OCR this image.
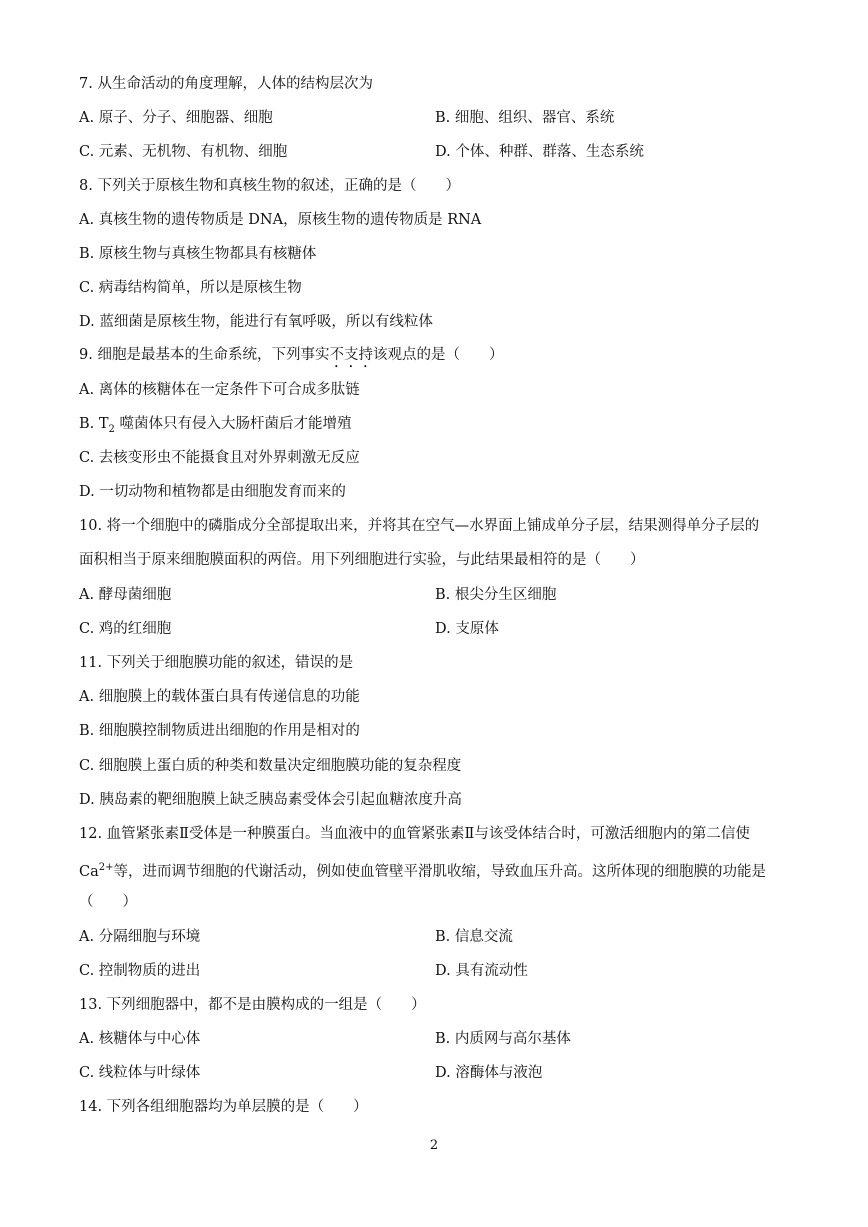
7. 从生命活动的角度理解，人体的结构层次为
A. 原子、分子、细胞器、细胞	B. 细胞、组织、器官、系统
C. 元素、无机物、有机物、细胞	D. 个体、种群、群落、生态系统
8. 下列关于原核生物和真核生物的叙述，正确的是（　　）
A. 真核生物的遗传物质是 DNA，原核生物的遗传物质是 RNA
B. 原核生物与真核生物都具有核糖体
C. 病毒结构简单，所以是原核生物
D. 蓝细菌是原核生物，能进行有氧呼吸，所以有线粒体
9. 细胞是最基本的生命系统，下列事实不支持该观点的是（　　）
A. 离体的核糖体在一定条件下可合成多肽链
B. $T_2$ 噬菌体只有侵入大肠杆菌后才能增殖
C. 去核变形虫不能摄食且对外界刺激无反应
D. 一切动物和植物都是由细胞发育而来的
10. 将一个细胞中的磷脂成分全部提取出来，并将其在空气—水界面上铺成单分子层，结果测得单分子层的
面积相当于原来细胞膜面积的两倍。用下列细胞进行实验，与此结果最相符的是（　　）
A. 酵母菌细胞	B. 根尖分生区细胞
C. 鸡的红细胞	D. 支原体
11. 下列关于细胞膜功能的叙述，错误的是
A. 细胞膜上的载体蛋白具有传递信息的功能
B. 细胞膜控制物质进出细胞的作用是相对的
C. 细胞膜上蛋白质的种类和数量决定细胞膜功能的复杂程度
D. 胰岛素的靶细胞膜上缺乏胰岛素受体会引起血糖浓度升高
12. 血管紧张素Ⅱ受体是一种膜蛋白。当血液中的血管紧张素Ⅱ与该受体结合时，可激活细胞内的第二信使
$Ca^{2+}$等，进而调节细胞的代谢活动，例如使血管壁平滑肌收缩，导致血压升高。这所体现的细胞膜的功能是
（　　）
A. 分隔细胞与环境	B. 信息交流
C. 控制物质的进出	D. 具有流动性
13. 下列细胞器中，都不是由膜构成的一组是（　　）
A. 核糖体与中心体	B. 内质网与高尔基体
C. 线粒体与叶绿体	D. 溶酶体与液泡
14. 下列各组细胞器均为单层膜的是（　　）
2
